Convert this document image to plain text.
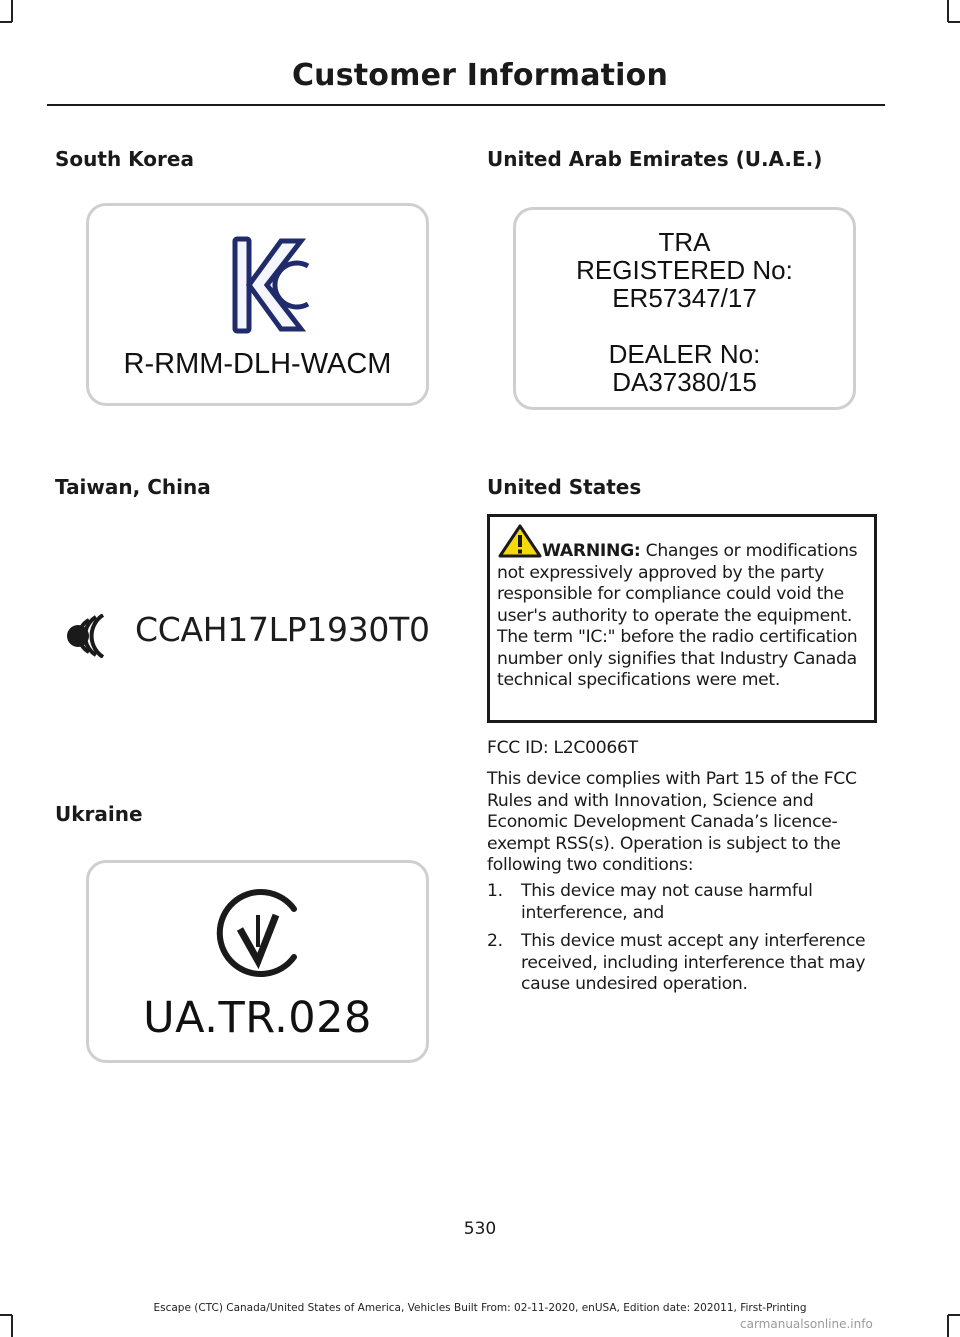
Customer Information
South Korea
R-RMM-DLH-WACM
Taiwan, China
CCAH17LP1930T0
Ukraine
UA.TR.028
United Arab Emirates (U.A.E.)
TRA
REGISTERED No:
ER57347/17
DEALER No:
DA37380/15
United States
WARNING: Changes or modifications not expressively approved by the party responsible for compliance could void the user's authority to operate the equipment. The term "IC:" before the radio certification number only signifies that Industry Canada technical specifications were met.
FCC ID: L2C0066T
This device complies with Part 15 of the FCC Rules and with Innovation, Science and Economic Development Canada’s licence-exempt RSS(s). Operation is subject to the following two conditions:
1. This device may not cause harmful interference, and
2. This device must accept any interference received, including interference that may cause undesired operation.
530
Escape (CTC) Canada/United States of America, Vehicles Built From: 02-11-2020, enUSA, Edition date: 202011, First-Printing
carmanualsonline.info
